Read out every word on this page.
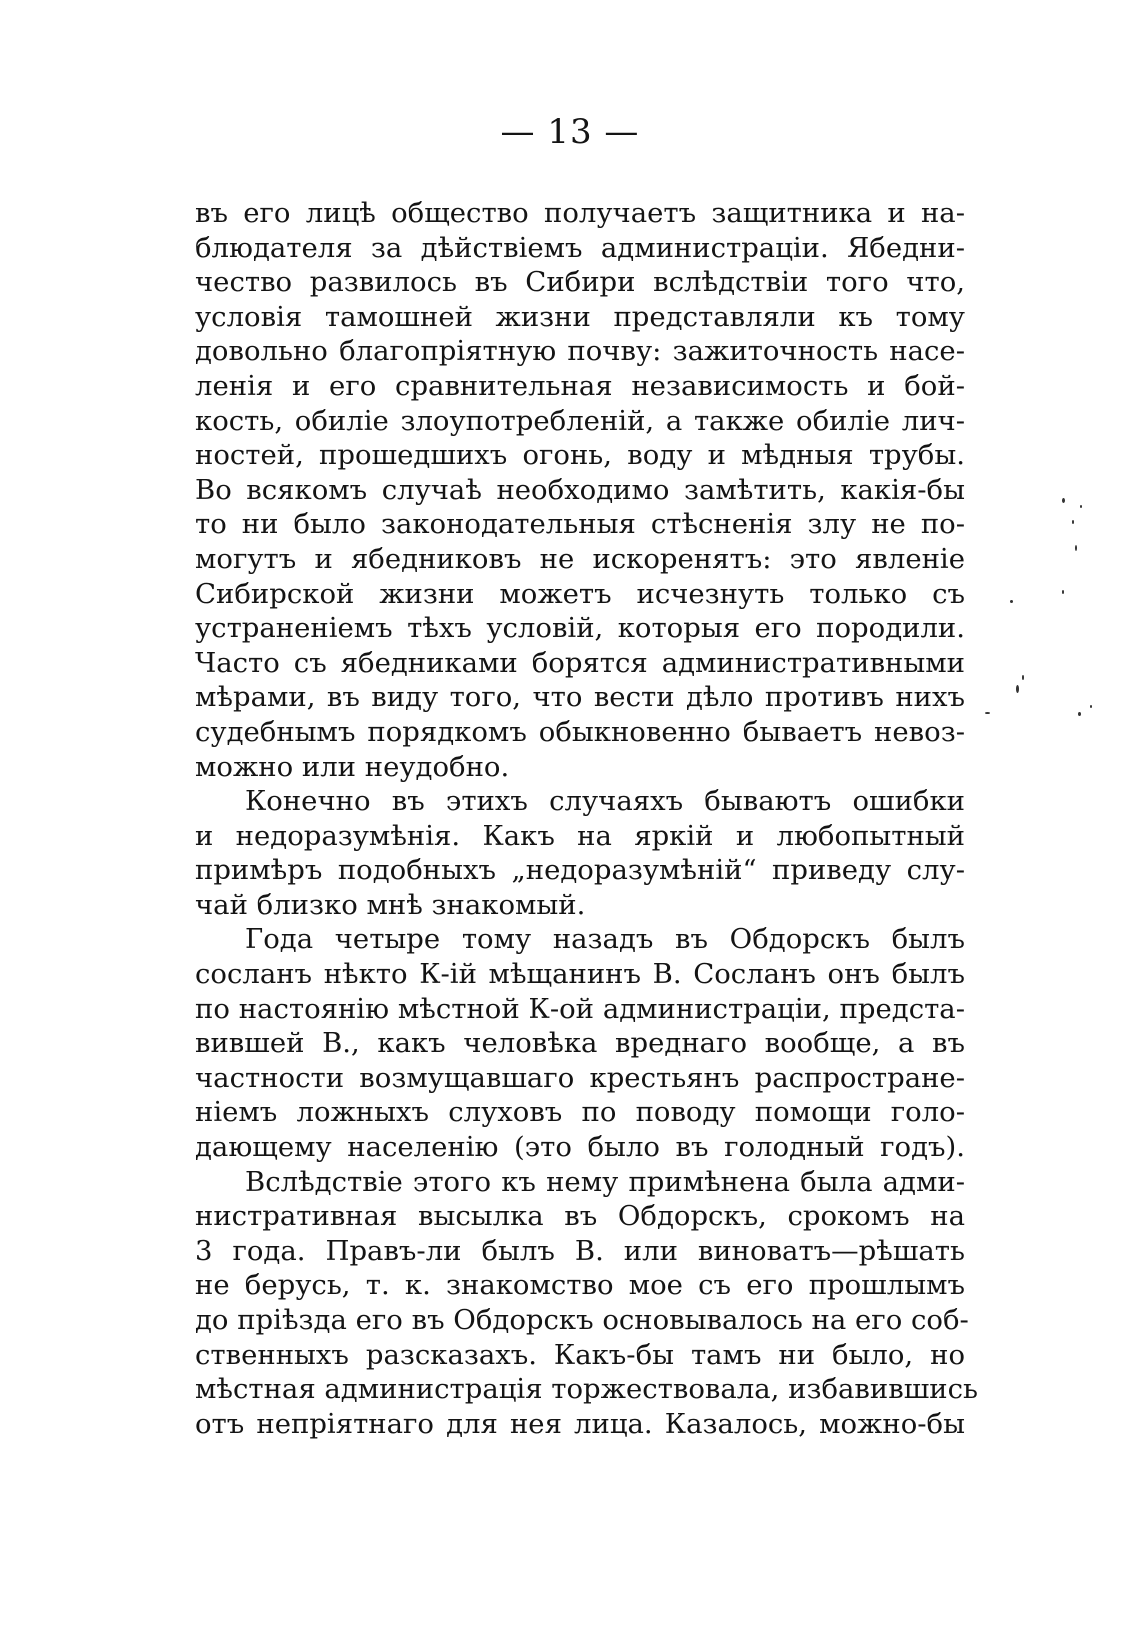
— 13 —
въ его лицѣ общество получаетъ защитника и на-
блюдателя за дѣйствіемъ администраціи. Ябедни-
чество развилось въ Сибири вслѣдствіи того что,
условія тамошней жизни представляли къ тому
довольно благопріятную почву: зажиточность насе-
ленія и его сравнительная независимость и бой-
кость, обиліе злоупотребленій, а также обиліе лич-
ностей, прошедшихъ огонь, воду и мѣдныя трубы.
Во всякомъ случаѣ необходимо замѣтить, какія-бы
то ни было законодательныя стѣсненія злу не по-
могутъ и ябедниковъ не искоренятъ: это явленіе
Сибирской жизни можетъ исчезнуть только съ
устраненіемъ тѣхъ условій, которыя его породили.
Часто съ ябедниками борятся административными
мѣрами, въ виду того, что вести дѣло противъ нихъ
судебнымъ порядкомъ обыкновенно бываетъ невоз-
можно или неудобно.
Конечно въ этихъ случаяхъ бываютъ ошибки
и недоразумѣнія. Какъ на яркій и любопытный
примѣръ подобныхъ „недоразумѣній“ приведу слу-
чай близко мнѣ знакомый.
Года четыре тому назадъ въ Обдорскъ былъ
сосланъ нѣкто К-ій мѣщанинъ В. Сосланъ онъ былъ
по настоянію мѣстной К-ой администраціи, предста-
вившей В., какъ человѣка вреднаго вообще, а въ
частности возмущавшаго крестьянъ распростране-
ніемъ ложныхъ слуховъ по поводу помощи голо-
дающему населенію (это было въ голодный годъ).
Вслѣдствіе этого къ нему примѣнена была адми-
нистративная высылка въ Обдорскъ, срокомъ на
3 года. Правъ-ли былъ В. или виноватъ—рѣшать
не берусь, т. к. знакомство мое съ его прошлымъ
до пріѣзда его въ Обдорскъ основывалось на его соб-
ственныхъ разсказахъ. Какъ-бы тамъ ни было, но
мѣстная администрація торжествовала, избавившись
отъ непріятнаго для нея лица. Казалось, можно-бы
